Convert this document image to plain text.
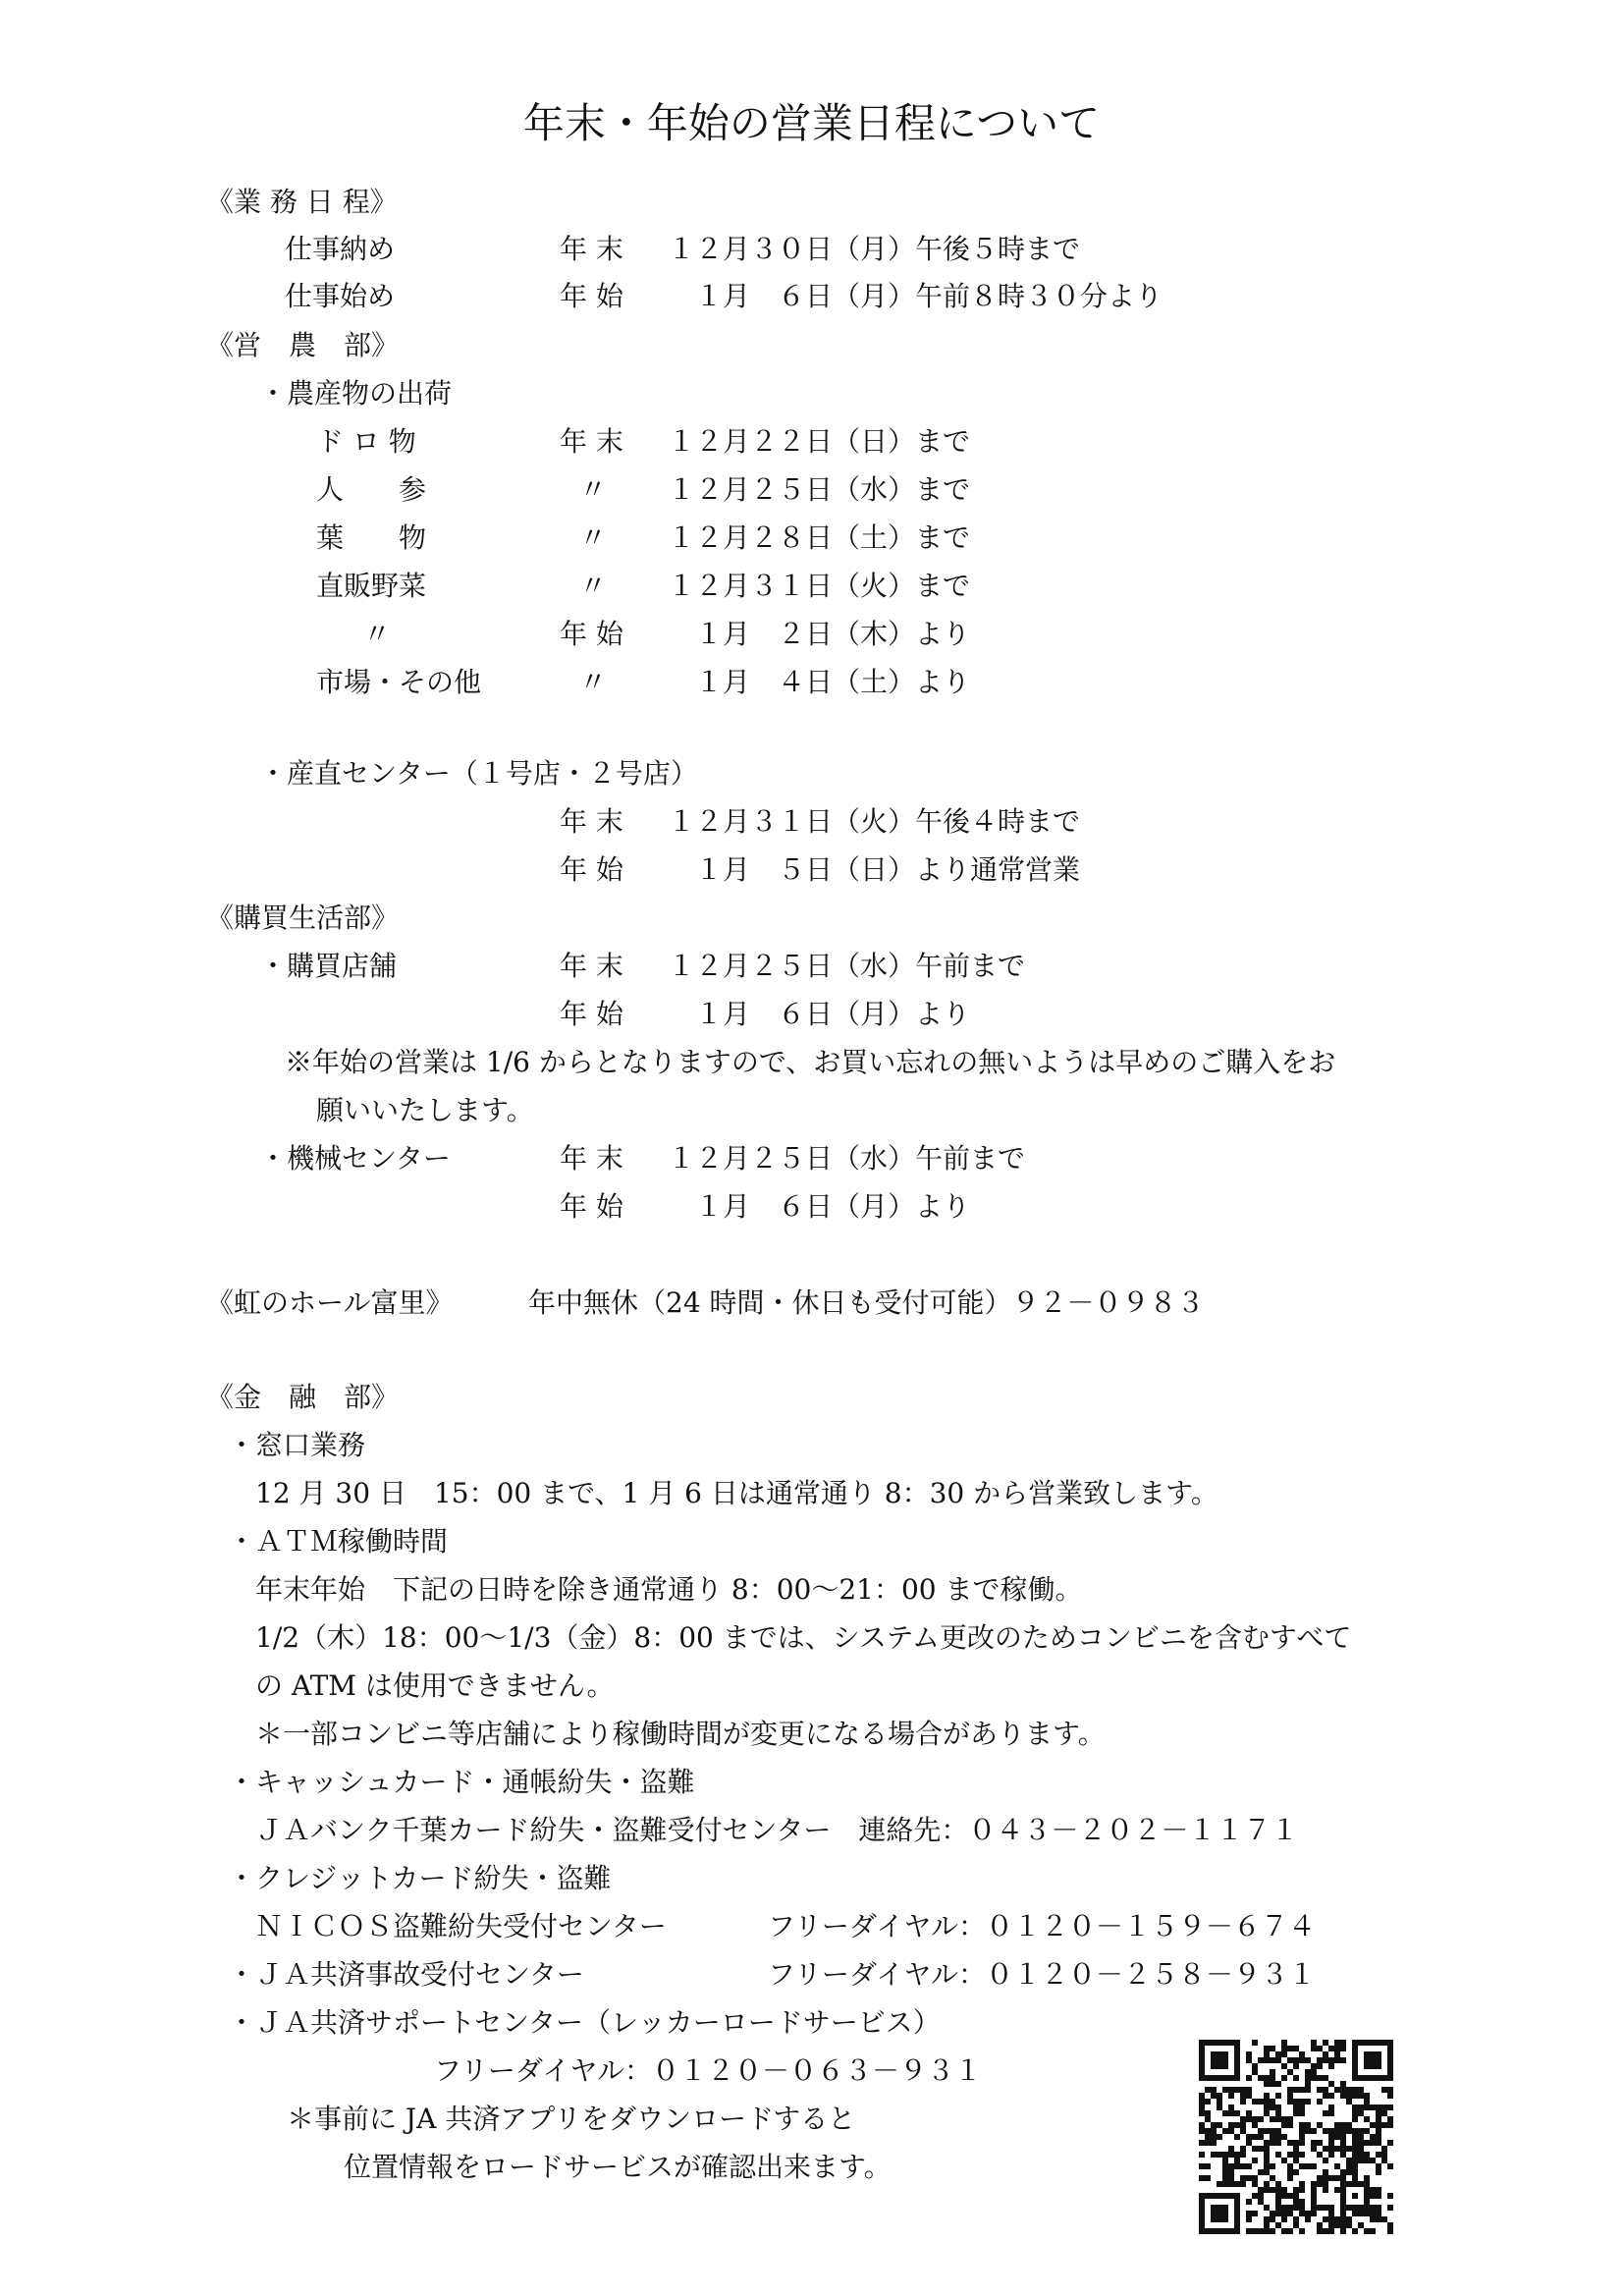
年末・年始の営業日程について
《業 務 日 程》
仕事納め	年 末 １２月３０日（月）午後５時まで
仕事始め	年 始	１月　６日（月）午前８時３０分より
《営　農　部》
・農産物の出荷
ド ロ 物	年 末 １２月２２日（日）まで
人　　参	〃 １２月２５日（水）まで
葉　　物	〃 １２月２８日（土）まで
直販野菜	〃 １２月３１日（火）まで
〃	年 始	１月　２日（木）より
市場・その他	〃	１月　４日（土）より
・産直センター（１号店・２号店）
年 末 １２月３１日（火）午後４時まで
年 始	１月　５日（日）より通常営業
《購買生活部》
・購買店舗	年 末 １２月２５日（水）午前まで
年 始	１月　６日（月）より
※年始の営業は 1/6 からとなりますので、お買い忘れの無いようは早めのご購入をお
願いいたします。
・機械センター	年 末 １２月２５日（水）午前まで
年 始	１月　６日（月）より
《虹のホール富里》	年中無休（24 時間・休日も受付可能）９２－０９８３
《金　融　部》
・窓口業務
12 月 30 日　15：00 まで、1 月 6 日は通常通り 8：30 から営業致します。
・ＡＴＭ稼働時間
年末年始　下記の日時を除き通常通り 8：00～21：00 まで稼働。
1/2（木）18：00～1/3（金）8：00 までは、システム更改のためコンビニを含むすべて
の ATM は使用できません。
＊一部コンビニ等店舗により稼働時間が変更になる場合があります。
・キャッシュカード・通帳紛失・盗難
ＪＡバンク千葉カード紛失・盗難受付センター　連絡先：０４３－２０２－１１７１
・クレジットカード紛失・盗難
ＮＩＣＯＳ盗難紛失受付センター	フリーダイヤル：０１２０－１５９－６７４
・ＪＡ共済事故受付センター	フリーダイヤル：０１２０－２５８－９３１
・ＪＡ共済サポートセンター（レッカーロードサービス）
フリーダイヤル：０１２０－０６３－９３１
＊事前に JA 共済アプリをダウンロードすると
位置情報をロードサービスが確認出来ます。
